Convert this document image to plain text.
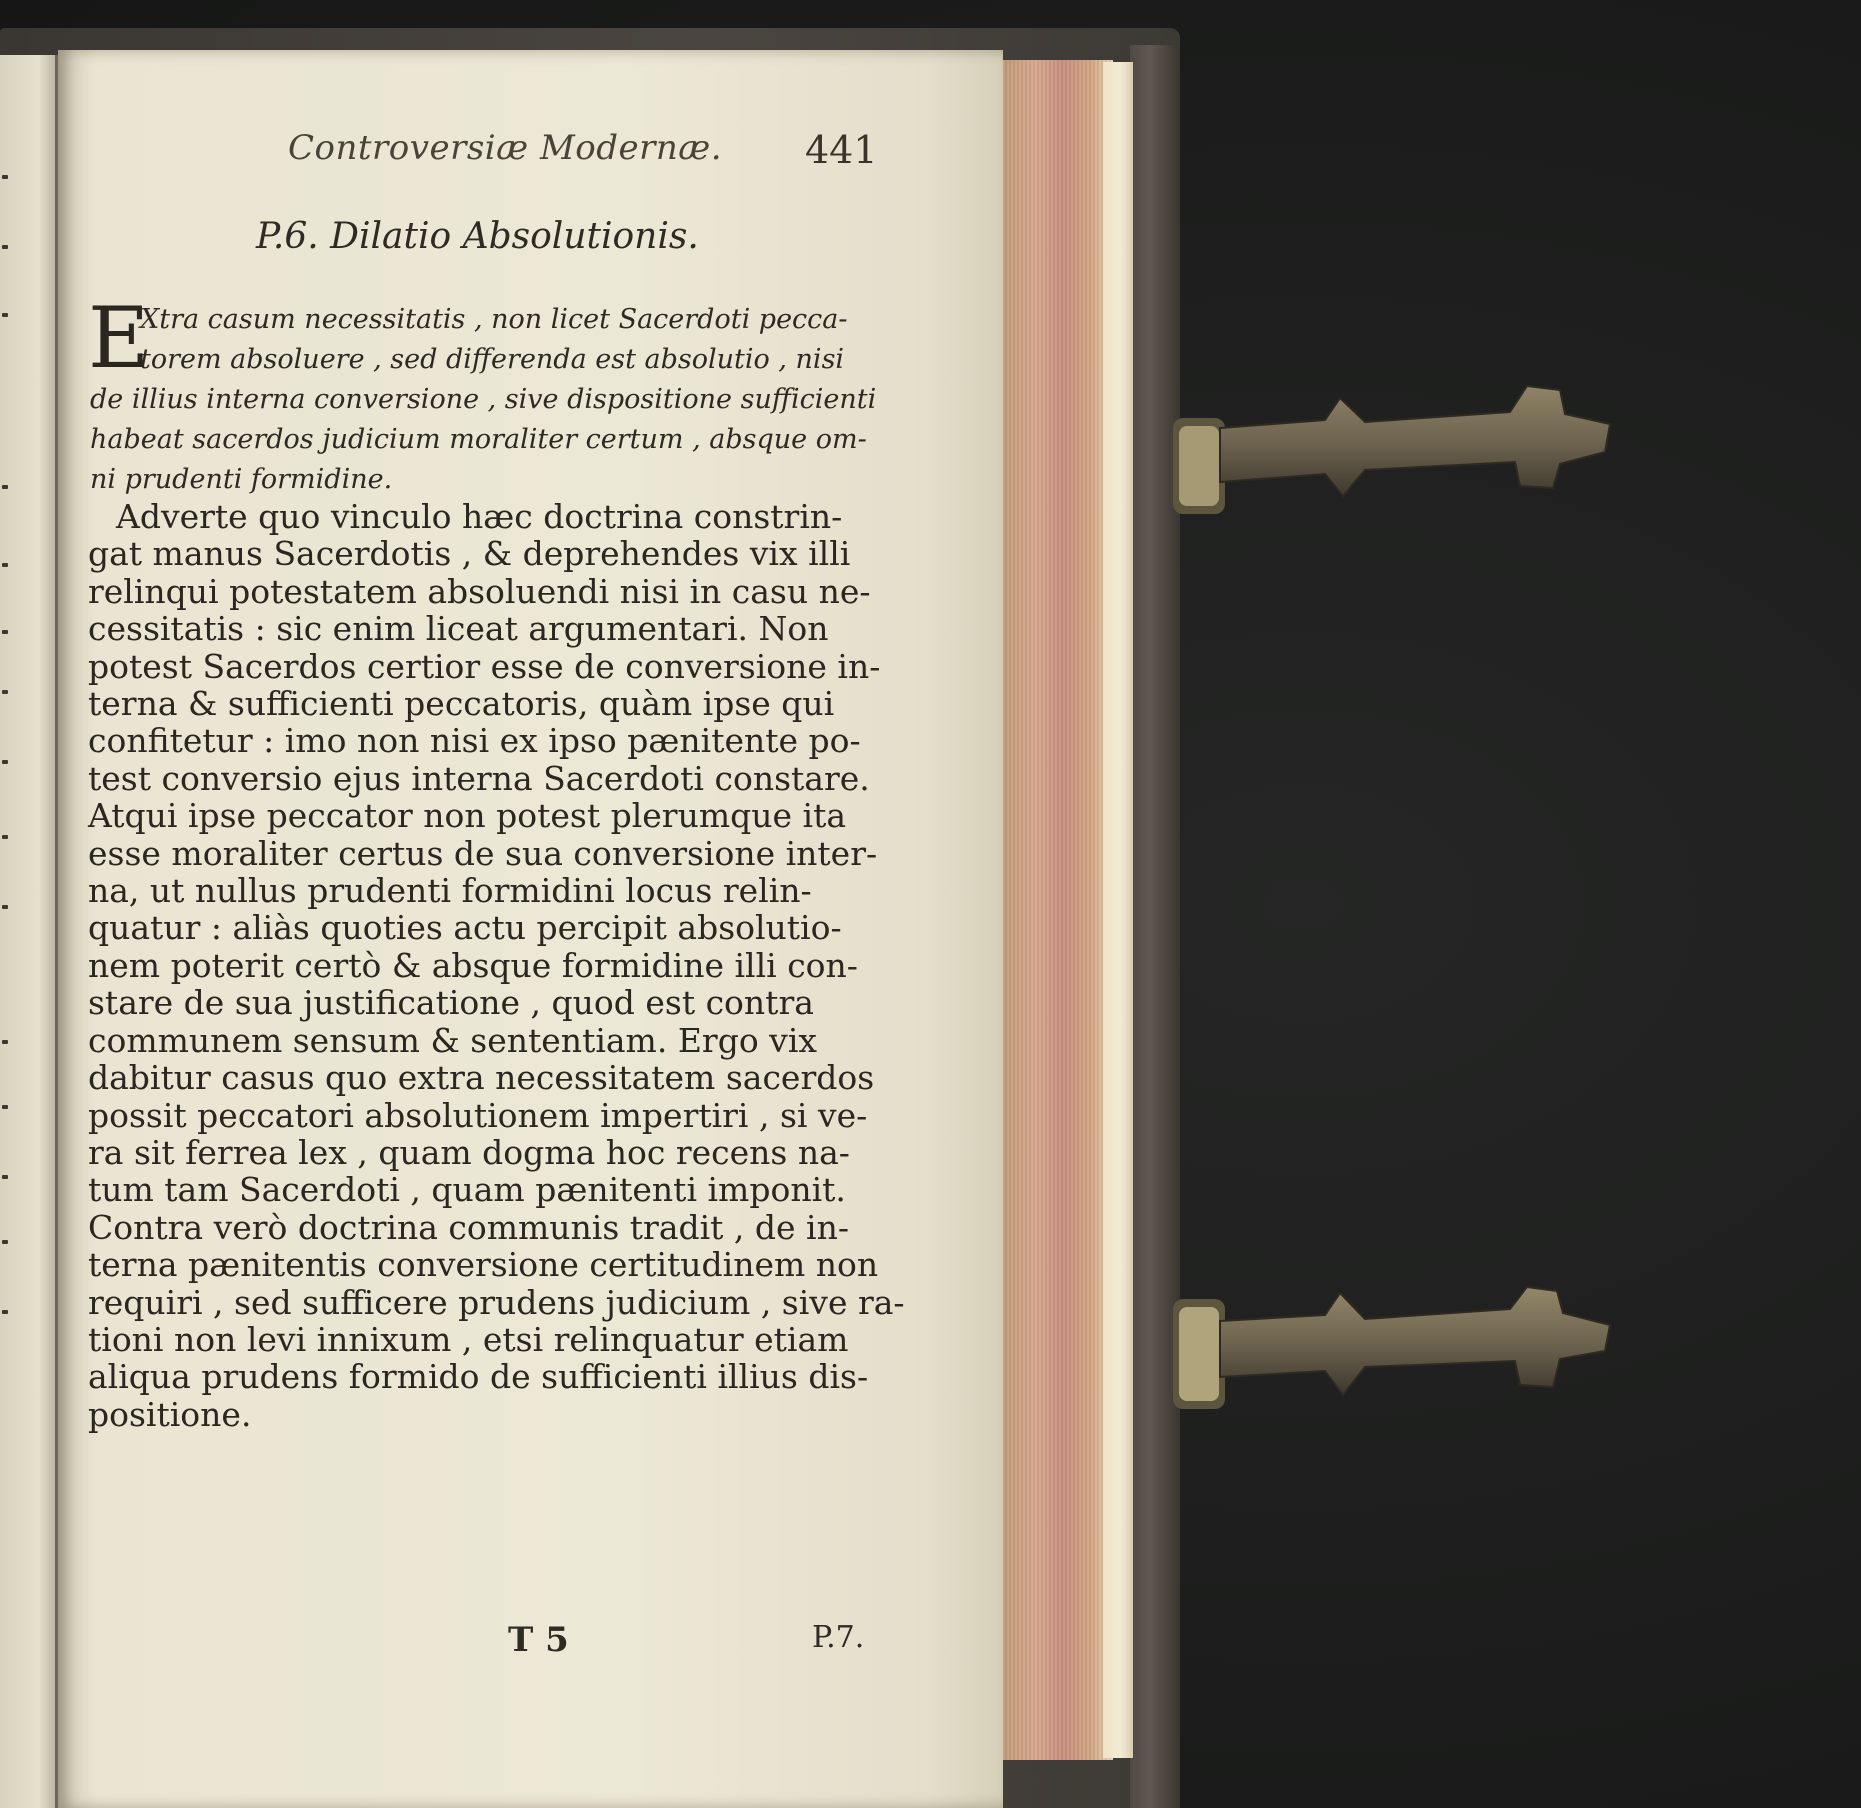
Controversiæ Modernæ. 441
P.6. Dilatio Absolutionis.
E
Xtra casum necessitatis , non licet Sacerdoti pecca-
torem absoluere , sed differenda est absolutio , nisi
de illius interna conversione , sive dispositione sufficienti
habeat sacerdos judicium moraliter certum , absque om-
ni prudenti formidine.
Adverte quo vinculo hæc doctrina constrin-
gat manus Sacerdotis , & deprehendes vix illi
relinqui potestatem absoluendi nisi in casu ne-
cessitatis : sic enim liceat argumentari. Non
potest Sacerdos certior esse de conversione in-
terna & sufficienti peccatoris, quàm ipse qui
confitetur : imo non nisi ex ipso pænitente po-
test conversio ejus interna Sacerdoti constare.
Atqui ipse peccator non potest plerumque ita
esse moraliter certus de sua conversione inter-
na, ut nullus prudenti formidini locus relin-
quatur : aliàs quoties actu percipit absolutio-
nem poterit certò & absque formidine illi con-
stare de sua justificatione , quod est contra
communem sensum & sententiam. Ergo vix
dabitur casus quo extra necessitatem sacerdos
possit peccatori absolutionem impertiri , si ve-
ra sit ferrea lex , quam dogma hoc recens na-
tum tam Sacerdoti , quam pænitenti imponit.
Contra verò doctrina communis tradit , de in-
terna pænitentis conversione certitudinem non
requiri , sed sufficere prudens judicium , sive ra-
tioni non levi innixum , etsi relinquatur etiam
aliqua prudens formido de sufficienti illius dis-
positione.
T 5	P.7.
